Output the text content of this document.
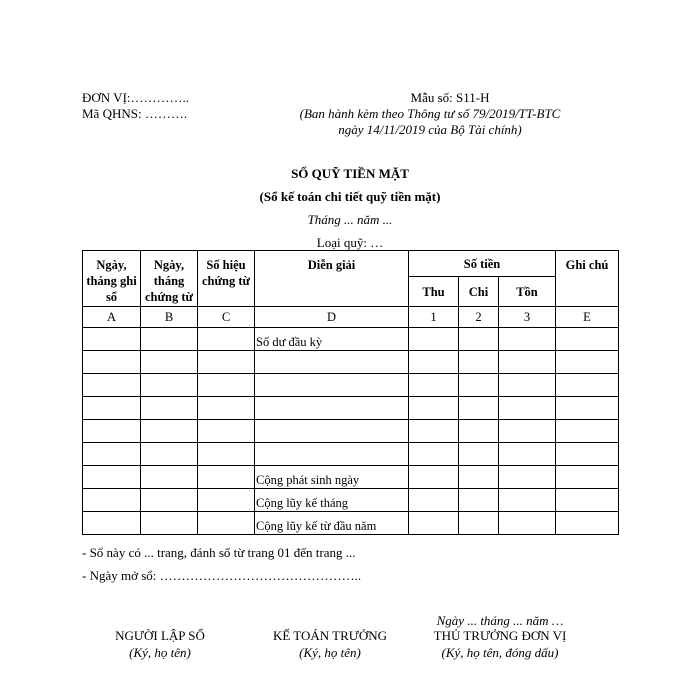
ĐƠN VỊ:…………..
Mã QHNS: ……….
Mẫu số: S11-H
(Ban hành kèm theo Thông tư số 79/2019/TT-BTC
ngày 14/11/2019 của Bộ Tài chính)
SỔ QUỸ TIỀN MẶT
(Sổ kế toán chi tiết quỹ tiền mặt)
Tháng ... năm ...
Loại quỹ: …
Ngày, tháng ghi sổ	Ngày, tháng chứng từ	Số hiệu chứng từ	Diễn giải	Số tiền			Ghi chú
				Thu	Chi	Tồn	
A	B	C	D	1	2	3	E
			Số dư đầu kỳ				

			Cộng phát sinh ngày				
			Cộng lũy kế tháng				
			Cộng lũy kế từ đầu năm				
- Sổ này có ... trang, đánh số từ trang 01 đến trang ...
- Ngày mở sổ: ………………………………………..
Ngày ... tháng ... năm …
NGƯỜI LẬP SỔ
(Ký, họ tên)
KẾ TOÁN TRƯỞNG
(Ký, họ tên)
THỦ TRƯỞNG ĐƠN VỊ
(Ký, họ tên, đóng dấu)
